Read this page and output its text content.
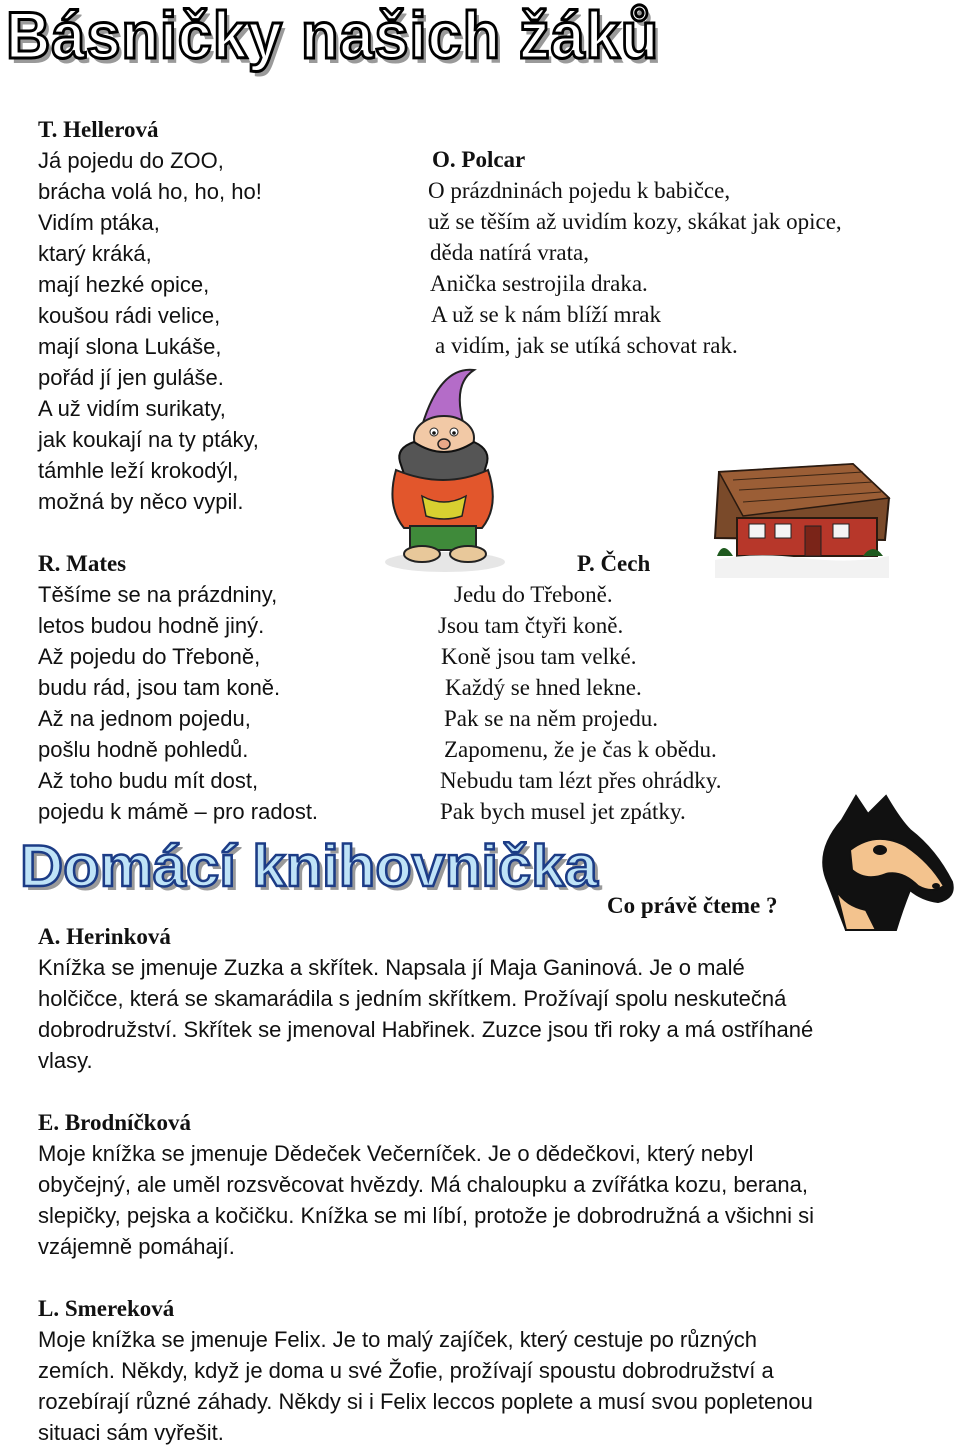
Básničky našich žáků
T. Hellerová
Já pojedu do ZOO,
brácha volá ho, ho, ho!
Vidím ptáka,
ktarý kráká,
mají hezké opice,
koušou rádi velice,
mají slona Lukáše,
pořád jí jen guláše.
A už vidím surikaty,
jak koukají na ty ptáky,
támhle leží krokodýl,
možná by něco vypil.
O. Polcar
O prázdninách pojedu k babičce,
už se těším až uvidím kozy, skákat jak opice,
děda natírá vrata,
Anička sestrojila draka.
A už se k nám blíží mrak
a vidím, jak se utíká schovat rak.
R. Mates
Těšíme se na prázdniny,
letos budou hodně jiný.
Až pojedu do Třeboně,
budu rád, jsou tam koně.
Až na jednom pojedu,
pošlu hodně pohledů.
Až toho budu mít dost,
pojedu k mámě – pro radost.
P. Čech
Jedu do Třeboně.
Jsou tam čtyři koně.
Koně jsou tam velké.
Každý se hned lekne.
Pak se na něm projedu.
Zapomenu, že je čas k obědu.
Nebudu tam lézt přes ohrádky.
Pak bych musel jet zpátky.
Domácí knihovnička
Co právě čteme ?
A. Herinková
Knížka se jmenuje Zuzka a skřítek. Napsala jí Maja Ganinová. Je o malé
holčičce, která se skamarádila s jedním skřítkem. Prožívají spolu neskutečná
dobrodružství. Skřítek se jmenoval Habřinek. Zuzce jsou tři roky a má ostříhané
vlasy.
E. Brodníčková
Moje knížka se jmenuje Dědeček Večerníček. Je o dědečkovi, který nebyl
obyčejný, ale uměl rozsvěcovat hvězdy. Má chaloupku a zvířátka kozu, berana,
slepičky, pejska a kočičku. Knížka se mi líbí, protože je dobrodružná a všichni si
vzájemně pomáhají.
L. Smereková
Moje knížka se jmenuje Felix. Je to malý zajíček, který cestuje po různých
zemích. Někdy, když je doma u své Žofie, prožívají spoustu dobrodružství a
rozebírají různé záhady. Někdy si i Felix leccos poplete a musí svou popletenou
situaci sám vyřešit.
